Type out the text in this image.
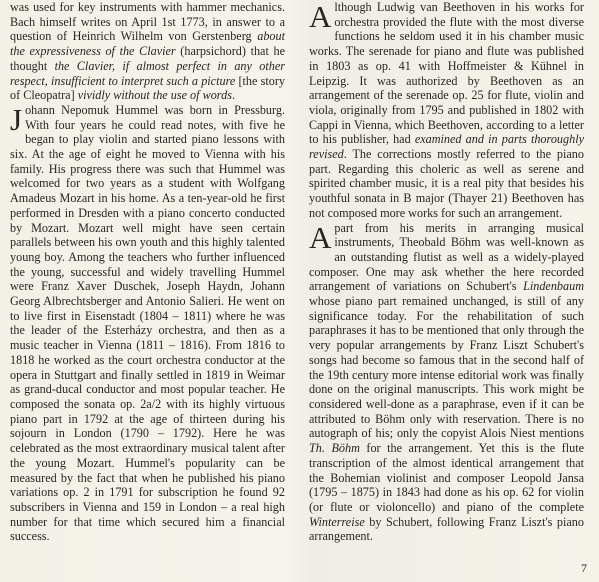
was used for key instruments with hammer mechanics. Bach himself writes on April 1st 1773, in answer to a question of Heinrich Wilhelm von Gerstenberg about the expressiveness of the Clavier (harpsichord) that he thought the Clavier, if almost perfect in any other respect, insufficient to interpret such a picture [the story of Cleopatra] vividly without the use of words.

Johann Nepomuk Hummel was born in Pressburg. With four years he could read notes, with five he began to play violin and started piano lessons with six. At the age of eight he moved to Vienna with his family. His progress there was such that Hummel was welcomed for two years as a student with Wolfgang Amadeus Mozart in his home. As a ten-year-old he first performed in Dresden with a piano concerto conducted by Mozart. Mozart well might have seen certain parallels between his own youth and this highly talented young boy. Among the teachers who further influenced the young, successful and widely travelling Hummel were Franz Xaver Duschek, Joseph Haydn, Johann Georg Albrechtsberger and Antonio Salieri. He went on to live first in Eisenstadt (1804 – 1811) where he was the leader of the Esterházy orchestra, and then as a music teacher in Vienna (1811 – 1816). From 1816 to 1818 he worked as the court orchestra conductor at the opera in Stuttgart and finally settled in 1819 in Weimar as grand-ducal conductor and most popular teacher. He composed the sonata op. 2a/2 with its highly virtuous piano part in 1792 at the age of thirteen during his sojourn in London (1790 – 1792). Here he was celebrated as the most extraordinary musical talent after the young Mozart. Hummel's popularity can be measured by the fact that when he published his piano variations op. 2 in 1791 for subscription he found 92 subscribers in Vienna and 159 in London – a real high number for that time which secured him a financial success.

Although Ludwig van Beethoven in his works for orchestra provided the flute with the most diverse functions he seldom used it in his chamber music works. The serenade for piano and flute was published in 1803 as op. 41 with Hoffmeister & Kühnel in Leipzig. It was authorized by Beethoven as an arrangement of the serenade op. 25 for flute, violin and viola, originally from 1795 and published in 1802 with Cappi in Vienna, which Beethoven, according to a letter to his publisher, had examined and in parts thoroughly revised. The corrections mostly referred to the piano part. Regarding this choleric as well as serene and spirited chamber music, it is a real pity that besides his youthful sonata in B major (Thayer 21) Beethoven has not composed more works for such an arrangement.

Apart from his merits in arranging musical instruments, Theobald Böhm was well-known as an outstanding flutist as well as a widely-played composer. One may ask whether the here recorded arrangement of variations on Schubert's Lindenbaum whose piano part remained unchanged, is still of any significance today. For the rehabilitation of such paraphrases it has to be mentioned that only through the very popular arrangements by Franz Liszt Schubert's songs had become so famous that in the second half of the 19th century more intense editorial work was finally done on the original manuscripts. This work might be considered well-done as a paraphrase, even if it can be attributed to Böhm only with reservation. There is no autograph of his; only the copyist Alois Niest mentions Th. Böhm for the arrangement. Yet this is the flute transcription of the almost identical arrangement that the Bohemian violinist and composer Leopold Jansa (1795 – 1875) in 1843 had done as his op. 62 for violin (or flute or violoncello) and piano of the complete Winterreise by Schubert, following Franz Liszt's piano arrangement.

7
